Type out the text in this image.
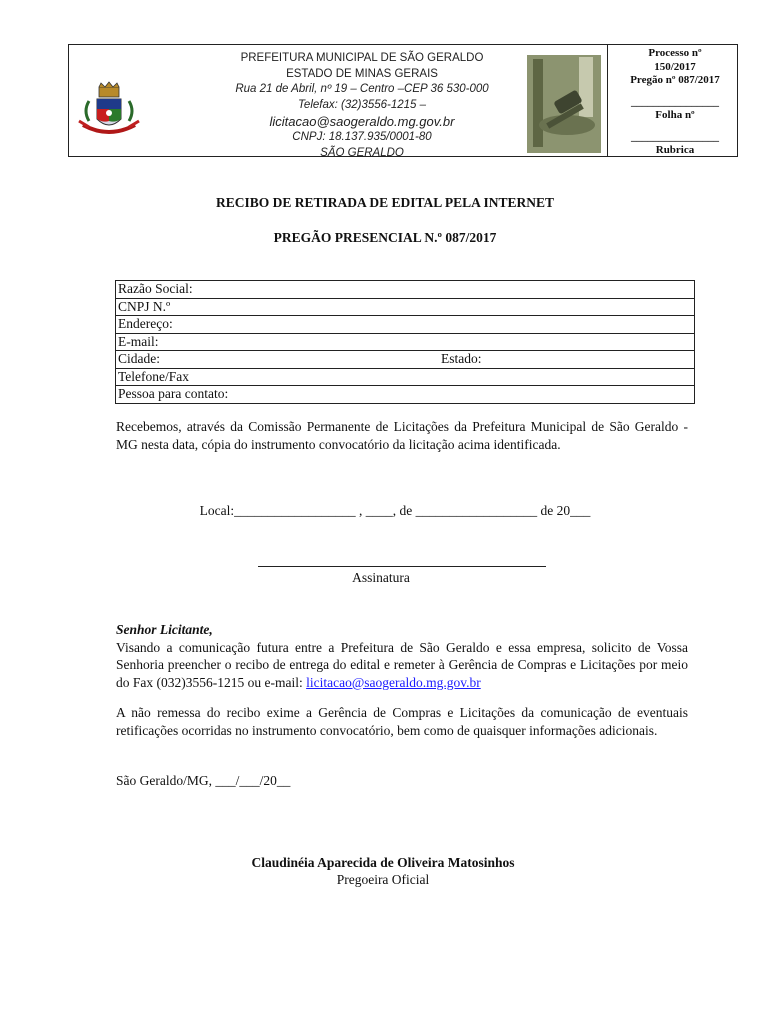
PREFEITURA MUNICIPAL DE SÃO GERALDO
ESTADO DE MINAS GERAIS
Rua 21 de Abril, nº 19 – Centro –CEP 36 530-000
Telefax: (32)3556-1215 –
licitacao@saogeraldo.mg.gov.br
CNPJ: 18.137.935/0001-80
SÃO GERALDO
Processo nº
150/2017
Pregão nº 087/2017
________________
Folha nº
________________
Rubrica
RECIBO DE RETIRADA DE EDITAL PELA INTERNET
PREGÃO PRESENCIAL N.º 087/2017
Razão Social:
CNPJ N.º
Endereço:
E-mail:
Cidade:	Estado:
Telefone/Fax
Pessoa para contato:
Recebemos, através da Comissão Permanente de Licitações da Prefeitura Municipal de São Geraldo - MG nesta data, cópia do instrumento convocatório da licitação acima identificada.
Local:__________________ , ____, de __________________ de 20___
Assinatura
Senhor Licitante,
Visando a comunicação futura entre a Prefeitura de São Geraldo e essa empresa, solicito de Vossa Senhoria preencher o recibo de entrega do edital e remeter à Gerência de Compras e Licitações por meio do Fax (032)3556-1215 ou e-mail: licitacao@saogeraldo.mg.gov.br
A não remessa do recibo exime a Gerência de Compras e Licitações da comunicação de eventuais retificações ocorridas no instrumento convocatório, bem como de quaisquer informações adicionais.
São Geraldo/MG, ___/___/20__
Claudinéia Aparecida de Oliveira Matosinhos
Pregoeira Oficial
